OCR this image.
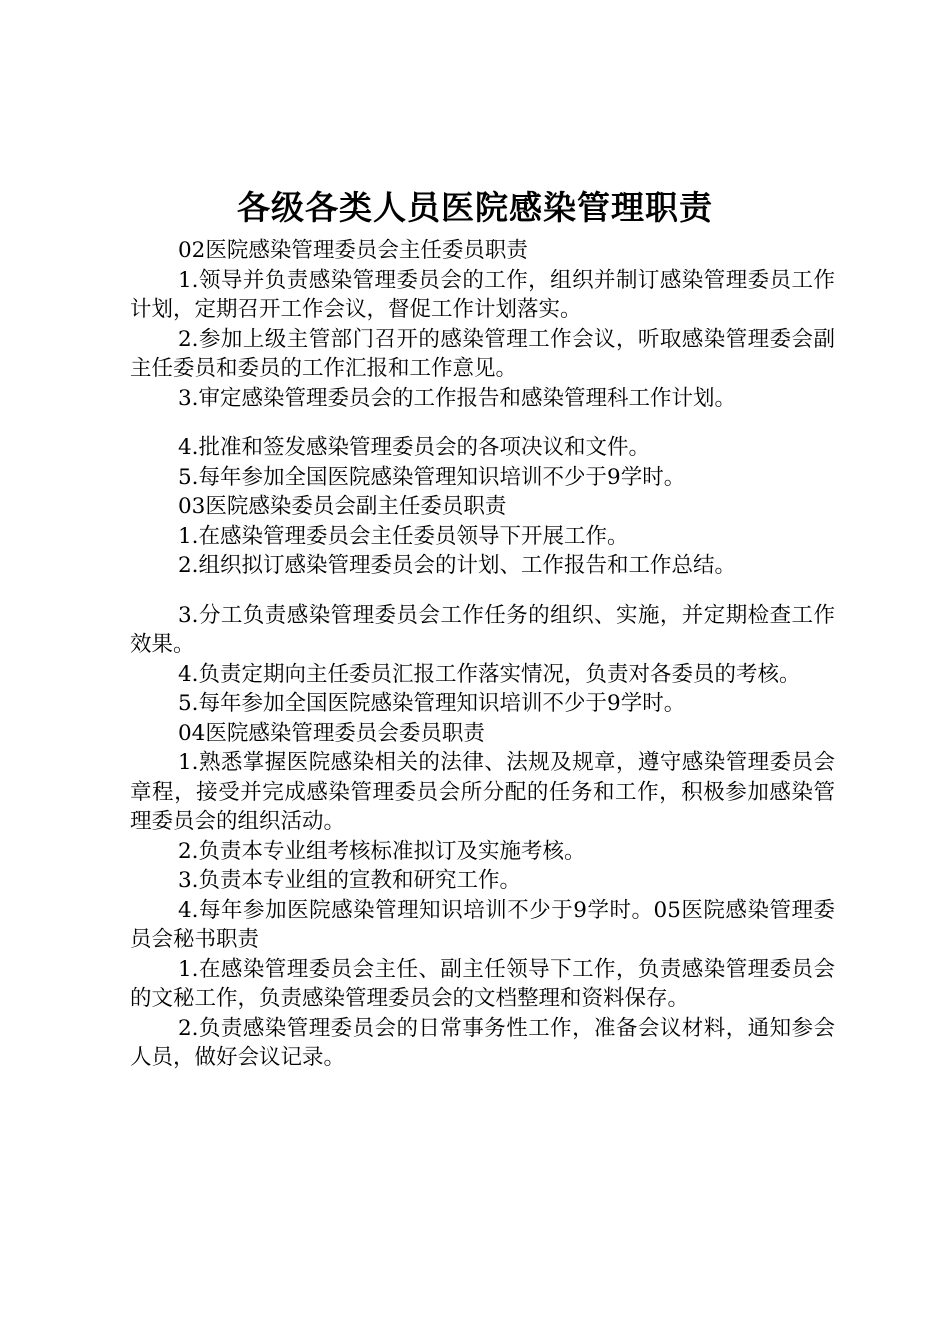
各级各类人员医院感染管理职责

02医院感染管理委员会主任委员职责

1.领导并负责感染管理委员会的工作，组织并制订感染管理委员工作计划，定期召开工作会议，督促工作计划落实。

2.参加上级主管部门召开的感染管理工作会议，听取感染管理委会副主任委员和委员的工作汇报和工作意见。

3.审定感染管理委员会的工作报告和感染管理科工作计划。

4.批准和签发感染管理委员会的各项决议和文件。

5.每年参加全国医院感染管理知识培训不少于9学时。

03医院感染委员会副主任委员职责

1.在感染管理委员会主任委员领导下开展工作。

2.组织拟订感染管理委员会的计划、工作报告和工作总结。

3.分工负责感染管理委员会工作任务的组织、实施，并定期检查工作效果。

4.负责定期向主任委员汇报工作落实情况，负责对各委员的考核。

5.每年参加全国医院感染管理知识培训不少于9学时。

04医院感染管理委员会委员职责

1.熟悉掌握医院感染相关的法律、法规及规章，遵守感染管理委员会章程，接受并完成感染管理委员会所分配的任务和工作，积极参加感染管理委员会的组织活动。

2.负责本专业组考核标准拟订及实施考核。

3.负责本专业组的宣教和研究工作。

4.每年参加医院感染管理知识培训不少于9学时。05医院感染管理委员会秘书职责

1.在感染管理委员会主任、副主任领导下工作，负责感染管理委员会的文秘工作，负责感染管理委员会的文档整理和资料保存。

2.负责感染管理委员会的日常事务性工作，准备会议材料，通知参会人员，做好会议记录。
